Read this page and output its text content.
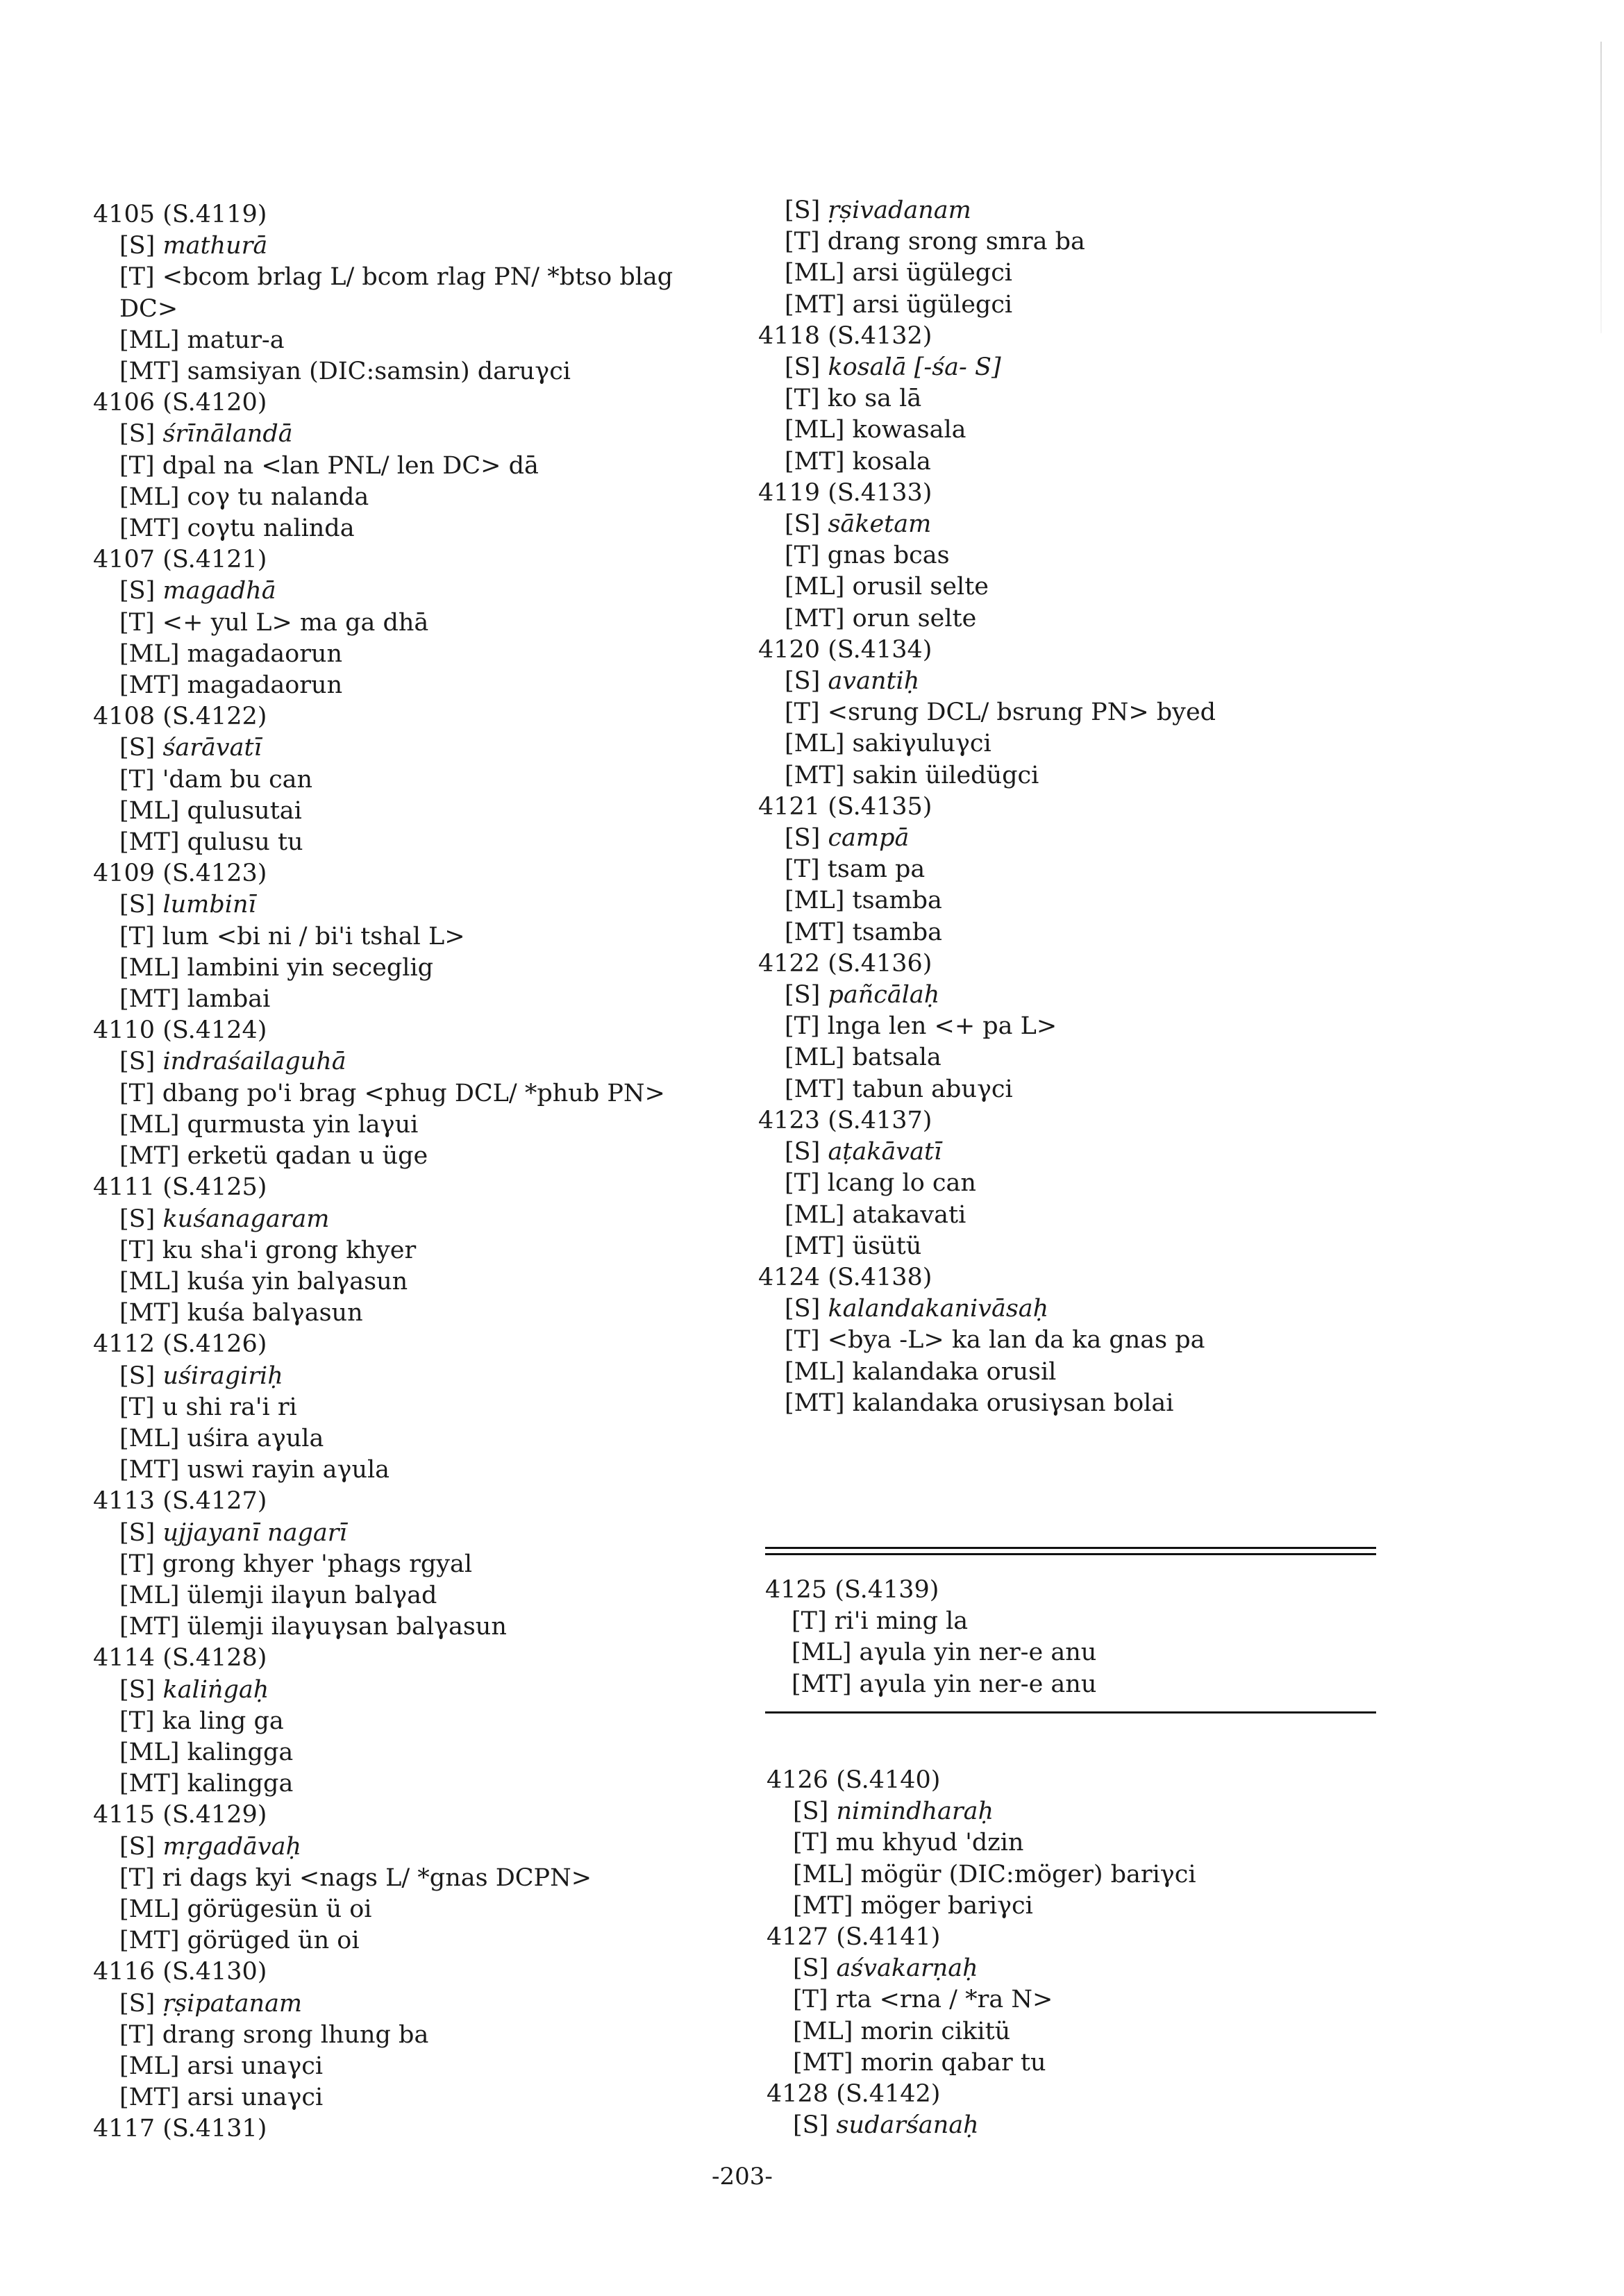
4105 (S.4119)
[S] mathurā
[T] <bcom brlag L/ bcom rlag PN/ *btso blag
DC>
[ML] matur-a
[MT] samsiyan (DIC:samsin) daruγci
4106 (S.4120)
[S] śrīnālandā
[T] dpal na <lan PNL/ len DC> dā
[ML] coγ tu nalanda
[MT] coγtu nalinda
4107 (S.4121)
[S] magadhā
[T] <+ yul L> ma ga dhā
[ML] magadaorun
[MT] magadaorun
4108 (S.4122)
[S] śarāvatī
[T] 'dam bu can
[ML] qulusutai
[MT] qulusu tu
4109 (S.4123)
[S] lumbinī
[T] lum <bi ni / bi'i tshal L>
[ML] lambini yin seceglig
[MT] lambai
4110 (S.4124)
[S] indraśailaguhā
[T] dbang po'i brag <phug DCL/ *phub PN>
[ML] qurmusta yin laγui
[MT] erketü qadan u üge
4111 (S.4125)
[S] kuśanagaram
[T] ku sha'i grong khyer
[ML] kuśa yin balγasun
[MT] kuśa balγasun
4112 (S.4126)
[S] uśiragiriḥ
[T] u shi ra'i ri
[ML] uśira aγula
[MT] uswi rayin aγula
4113 (S.4127)
[S] ujjayanī nagarī
[T] grong khyer 'phags rgyal
[ML] ülemji ilaγun balγad
[MT] ülemji ilaγuγsan balγasun
4114 (S.4128)
[S] kaliṅgaḥ
[T] ka ling ga
[ML] kalingga
[MT] kalingga
4115 (S.4129)
[S] mṛgadāvaḥ
[T] ri dags kyi <nags L/ *gnas DCPN>
[ML] görügesün ü oi
[MT] görüged ün oi
4116 (S.4130)
[S] ṛṣipatanam
[T] drang srong lhung ba
[ML] arsi unaγci
[MT] arsi unaγci
4117 (S.4131)
[S] ṛṣivadanam
[T] drang srong smra ba
[ML] arsi ügülegci
[MT] arsi ügülegci
4118 (S.4132)
[S] kosalā [-śa- S]
[T] ko sa lā
[ML] kowasala
[MT] kosala
4119 (S.4133)
[S] sāketam
[T] gnas bcas
[ML] orusil selte
[MT] orun selte
4120 (S.4134)
[S] avantiḥ
[T] <srung DCL/ bsrung PN> byed
[ML] sakiγuluγci
[MT] sakin üiledügci
4121 (S.4135)
[S] campā
[T] tsam pa
[ML] tsamba
[MT] tsamba
4122 (S.4136)
[S] pañcālaḥ
[T] lnga len <+ pa L>
[ML] batsala
[MT] tabun abuγci
4123 (S.4137)
[S] aṭakāvatī
[T] lcang lo can
[ML] atakavati
[MT] üsütü
4124 (S.4138)
[S] kalandakanivāsaḥ
[T] <bya -L> ka lan da ka gnas pa
[ML] kalandaka orusil
[MT] kalandaka orusiγsan bolai
4125 (S.4139)
[T] ri'i ming la
[ML] aγula yin ner-e anu
[MT] aγula yin ner-e anu
4126 (S.4140)
[S] nimindharaḥ
[T] mu khyud 'dzin
[ML] mögür (DIC:möger) bariγci
[MT] möger bariγci
4127 (S.4141)
[S] aśvakarṇaḥ
[T] rta <rna / *ra N>
[ML] morin cikitü
[MT] morin qabar tu
4128 (S.4142)
[S] sudarśanaḥ
-203-
